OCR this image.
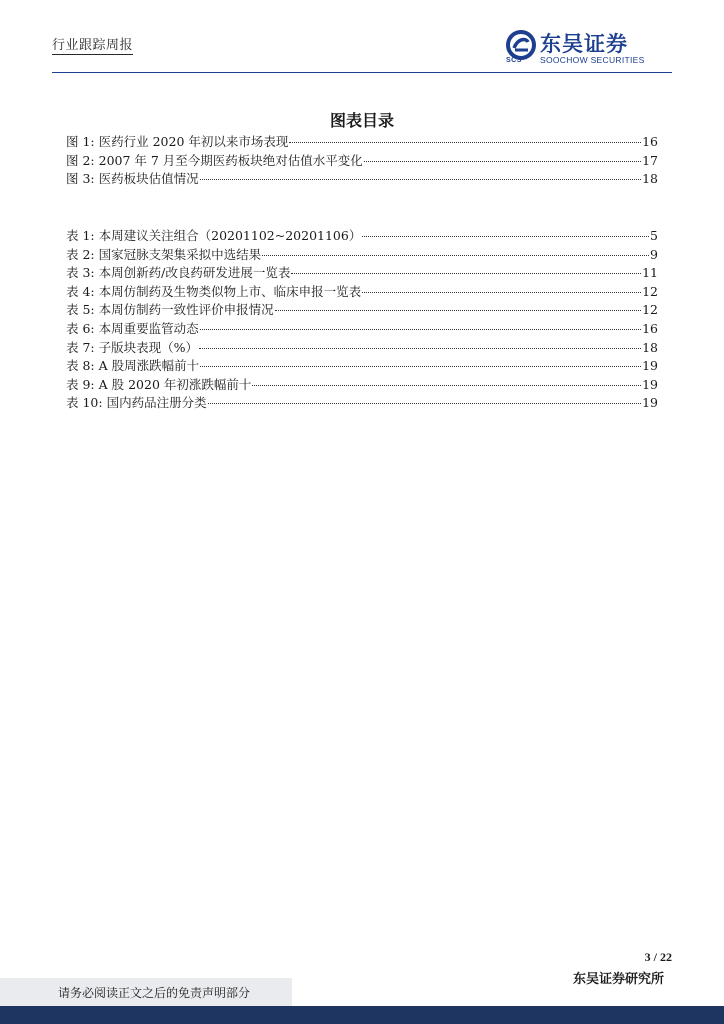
行业跟踪周报	东吴证券
SOOCHOW SECURITIES
SCS
图表目录
图 1: 医药行业 2020 年初以来市场表现	16
图 2: 2007 年 7 月至今期医药板块绝对估值水平变化	17
图 3: 医药板块估值情况	18
表 1: 本周建议关注组合（20201102~20201106）	5
表 2: 国家冠脉支架集采拟中选结果	9
表 3: 本周创新药/改良药研发进展一览表	11
表 4: 本周仿制药及生物类似物上市、临床申报一览表	12
表 5: 本周仿制药一致性评价申报情况	12
表 6: 本周重要监管动态	16
表 7: 子版块表现（%）	18
表 8: A 股周涨跌幅前十	19
表 9: A 股 2020 年初涨跌幅前十	19
表 10: 国内药品注册分类	19
3 / 22
东吴证券研究所
请务必阅读正文之后的免责声明部分
